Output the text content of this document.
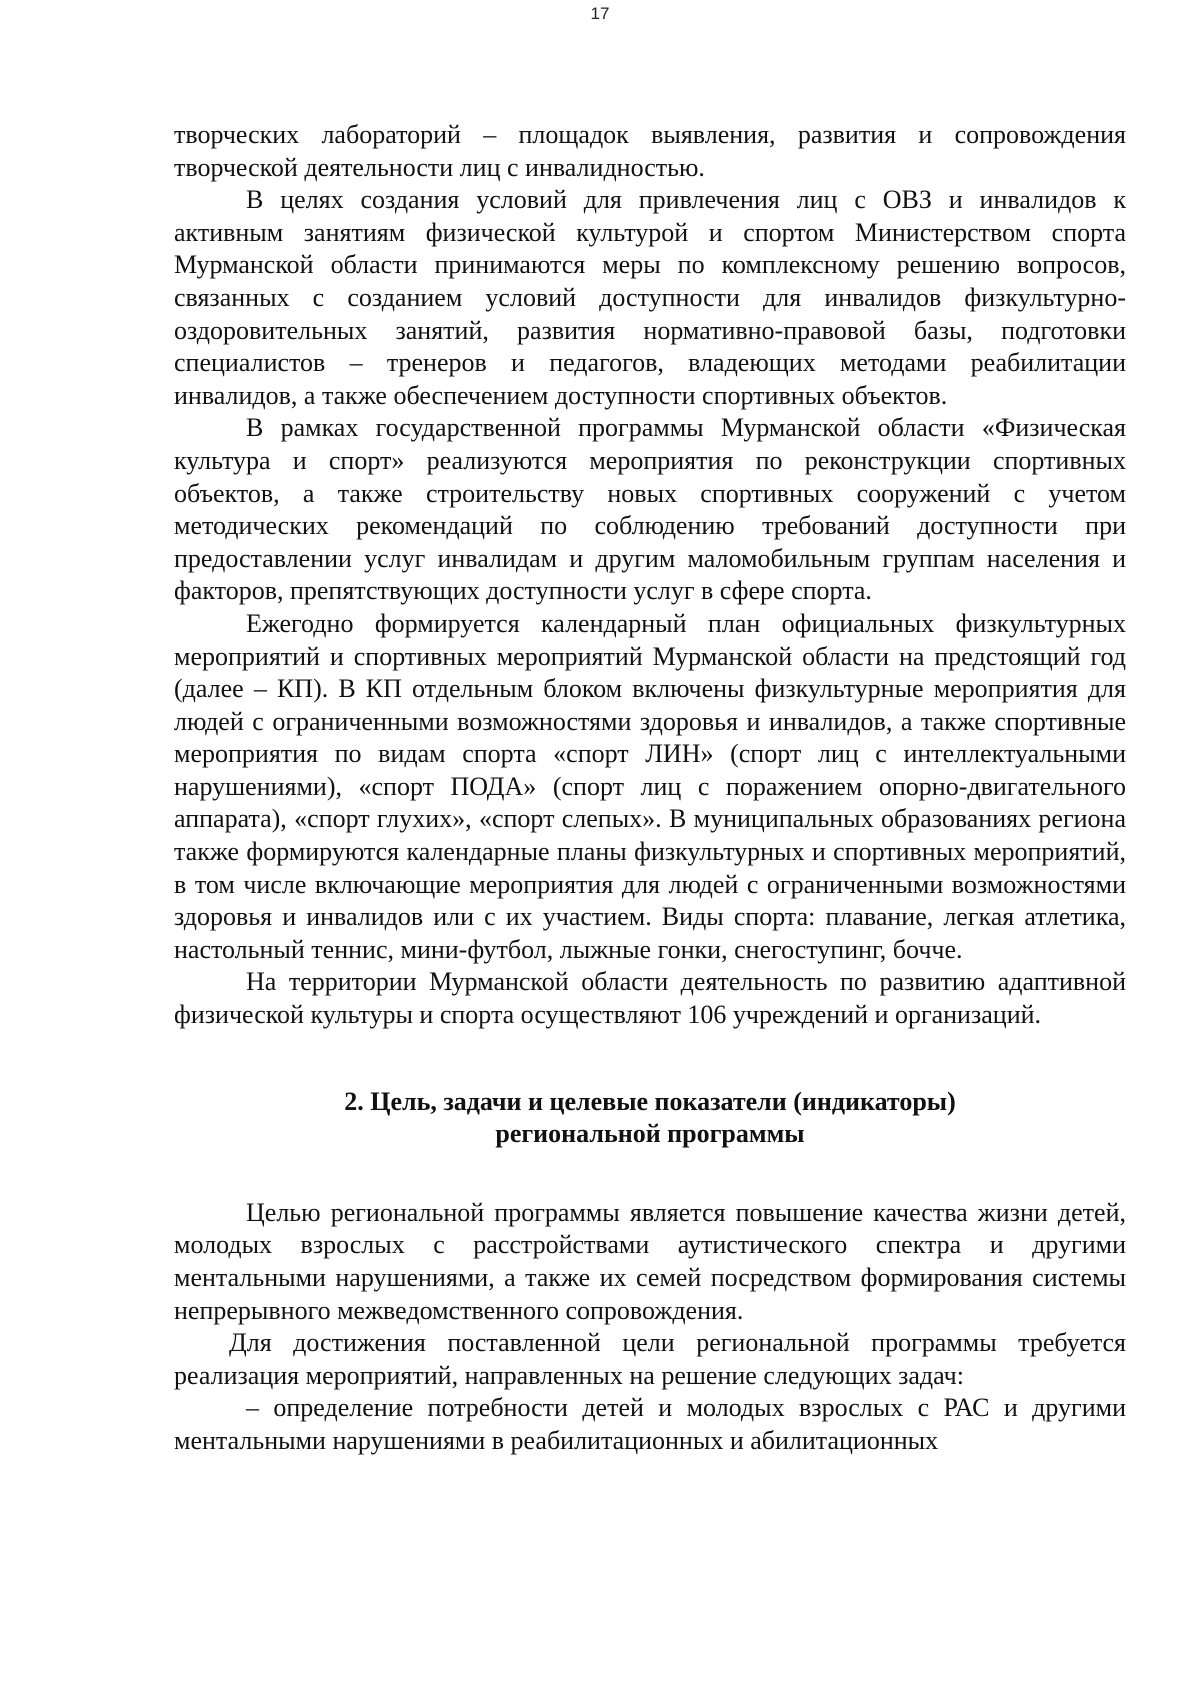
17

творческих лабораторий – площадок выявления, развития и сопровождения творческой деятельности лиц с инвалидностью.

В целях создания условий для привлечения лиц с ОВЗ и инвалидов к активным занятиям физической культурой и спортом Министерством спорта Мурманской области принимаются меры по комплексному решению вопросов, связанных с созданием условий доступности для инвалидов физкультурно-оздоровительных занятий, развития нормативно-правовой базы, подготовки специалистов – тренеров и педагогов, владеющих методами реабилитации инвалидов, а также обеспечением доступности спортивных объектов.

В рамках государственной программы Мурманской области «Физическая культура и спорт» реализуются мероприятия по реконструкции спортивных объектов, а также строительству новых спортивных сооружений с учетом методических рекомендаций по соблюдению требований доступности при предоставлении услуг инвалидам и другим маломобильным группам населения и факторов, препятствующих доступности услуг в сфере спорта.

Ежегодно формируется календарный план официальных физкультурных мероприятий и спортивных мероприятий Мурманской области на предстоящий год (далее – КП). В КП отдельным блоком включены физкультурные мероприятия для людей с ограниченными возможностями здоровья и инвалидов, а также спортивные мероприятия по видам спорта «спорт ЛИН» (спорт лиц с интеллектуальными нарушениями), «спорт ПОДА» (спорт лиц с поражением опорно-двигательного аппарата), «спорт глухих», «спорт слепых». В муниципальных образованиях региона также формируются календарные планы физкультурных и спортивных мероприятий, в том числе включающие мероприятия для людей с ограниченными возможностями здоровья и инвалидов или с их участием. Виды спорта: плавание, легкая атлетика, настольный теннис, мини-футбол, лыжные гонки, снегоступинг, бочче.

На территории Мурманской области деятельность по развитию адаптивной физической культуры и спорта осуществляют 106 учреждений и организаций.

2. Цель, задачи и целевые показатели (индикаторы)
региональной программы

Целью региональной программы является повышение качества жизни детей, молодых взрослых с расстройствами аутистического спектра и другими ментальными нарушениями, а также их семей посредством формирования системы непрерывного межведомственного сопровождения.

Для достижения поставленной цели региональной программы требуется реализация мероприятий, направленных на решение следующих задач:

– определение потребности детей и молодых взрослых с РАС и другими ментальными нарушениями в реабилитационных и абилитационных
